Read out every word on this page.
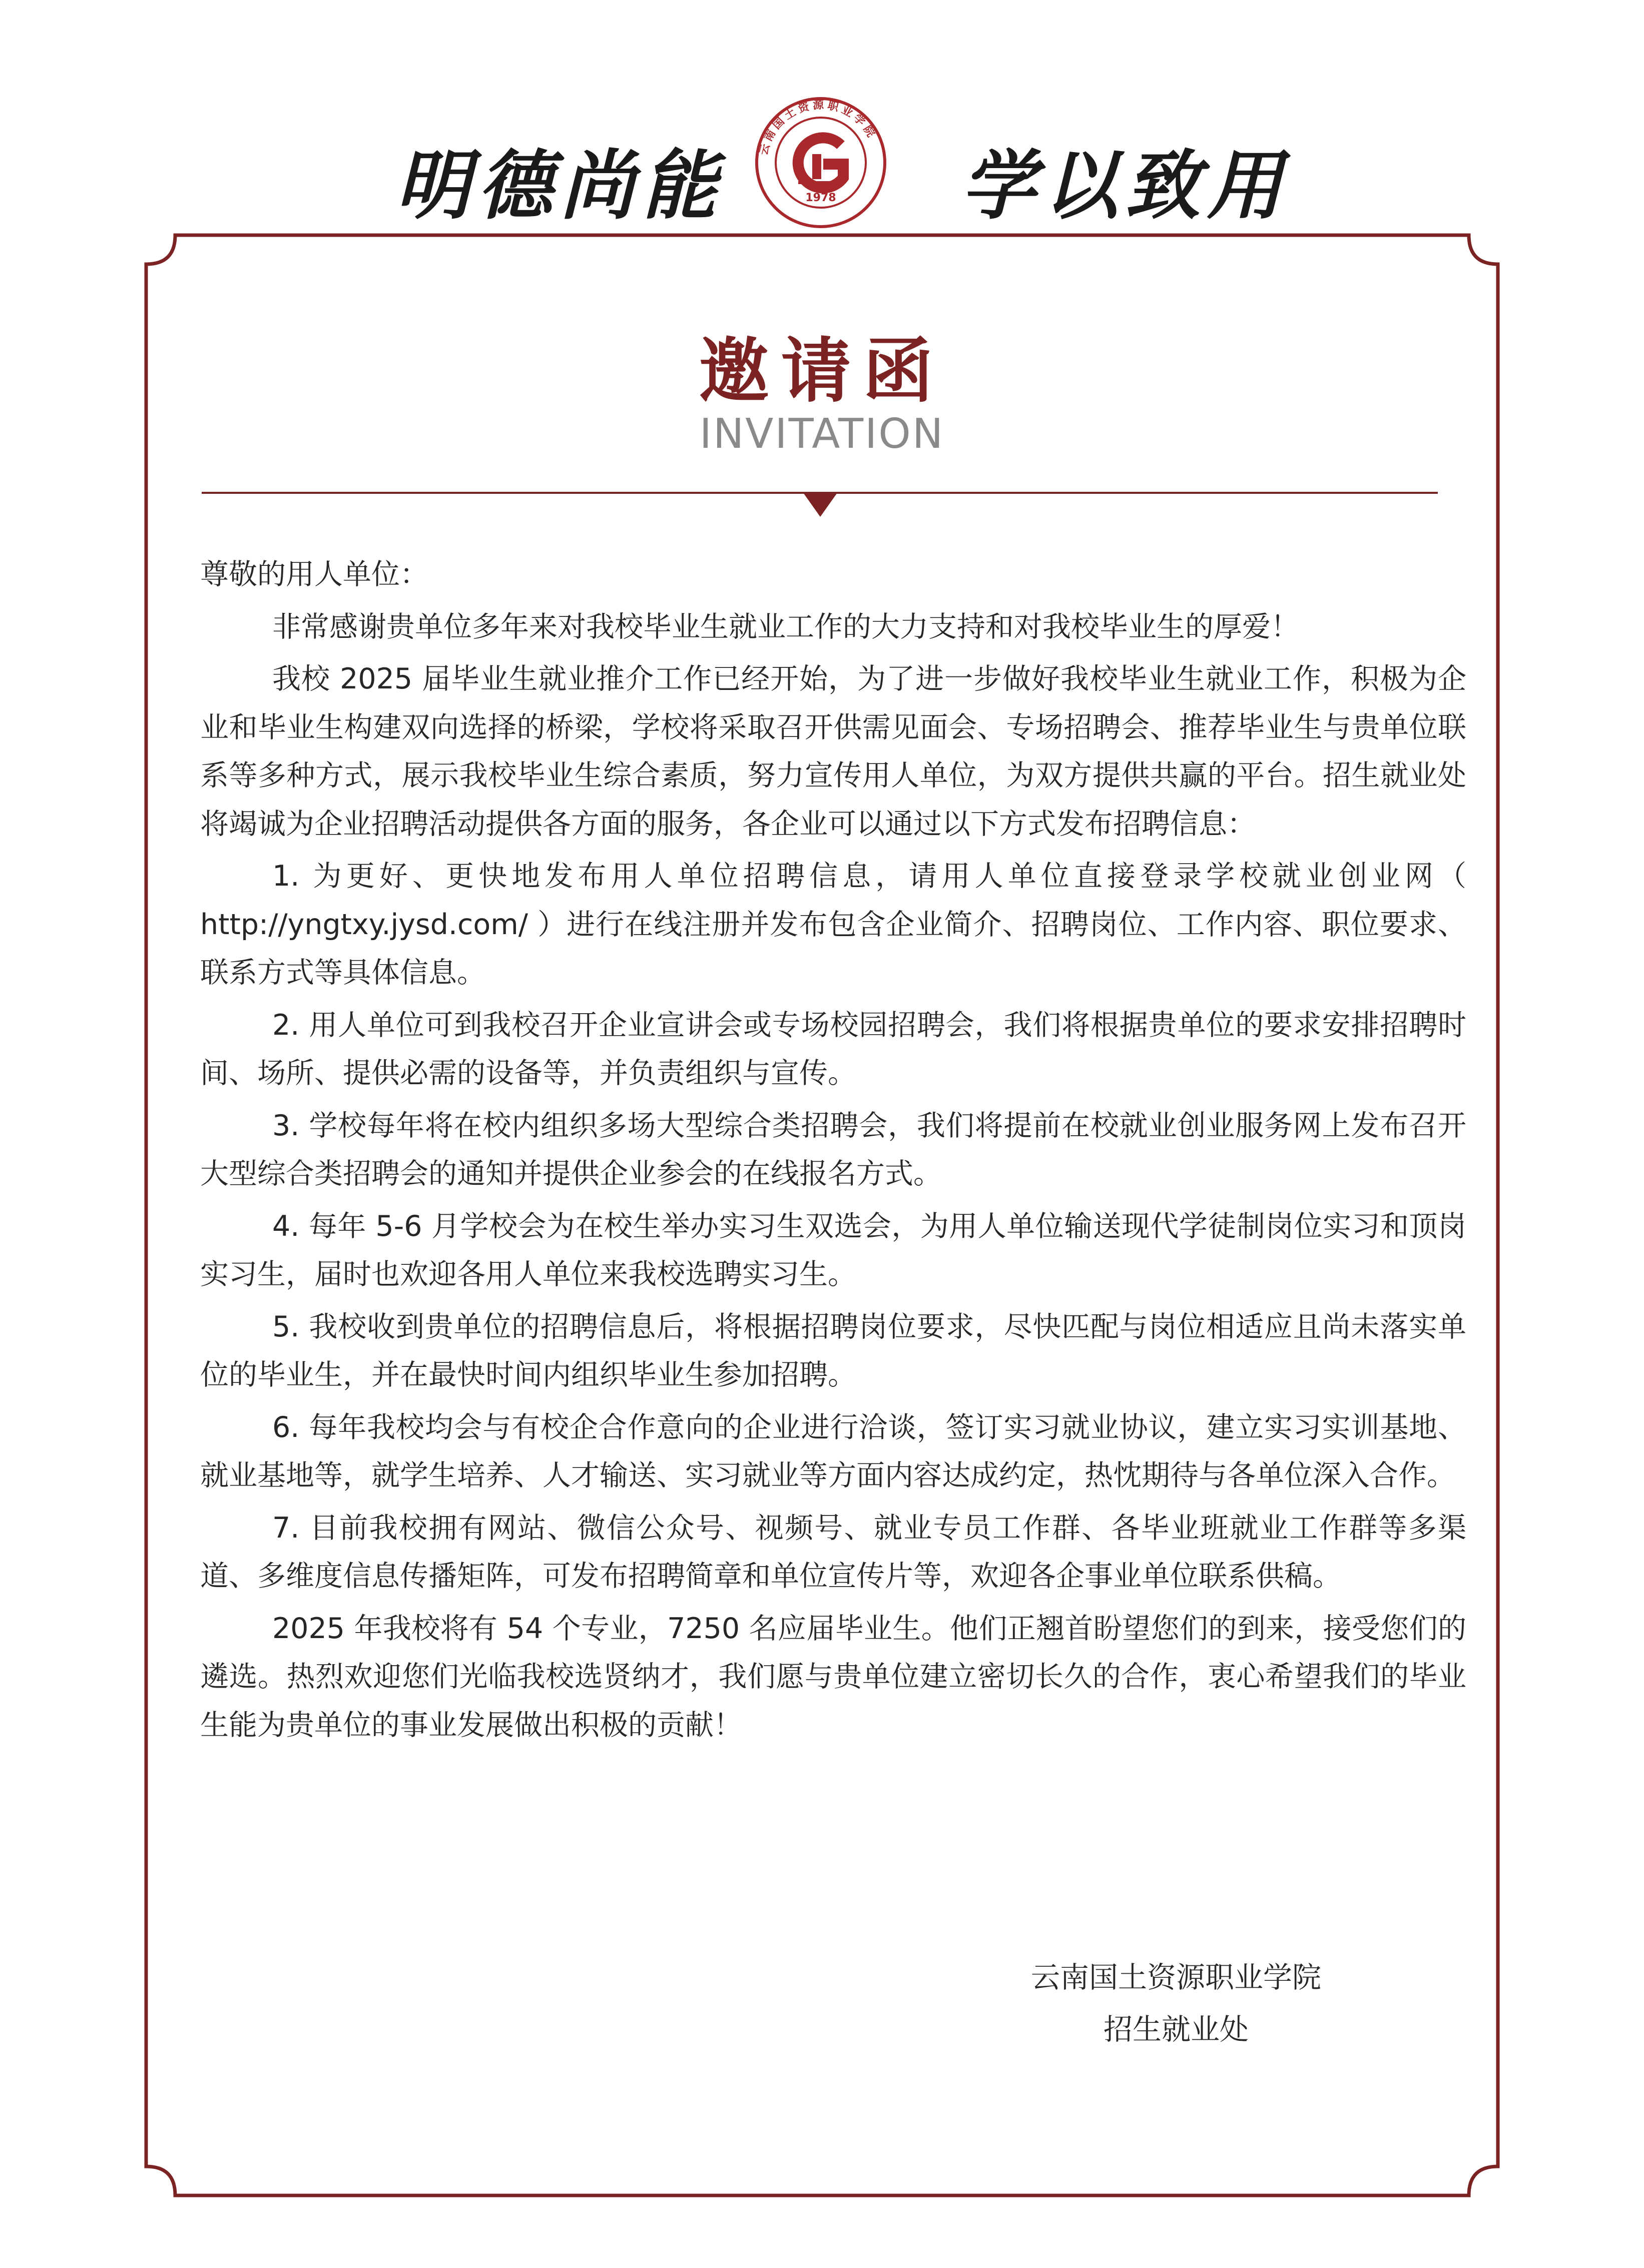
明德尚能	云南国土资源职业学院
1978 学以致用
邀请函
INVITATION

尊敬的用人单位：

非常感谢贵单位多年来对我校毕业生就业工作的大力支持和对我校毕业生的厚爱！

我校 2025 届毕业生就业推介工作已经开始，为了进一步做好我校毕业生就业工作，积极为企业和毕业生构建双向选择的桥梁，学校将采取召开供需见面会、专场招聘会、推荐毕业生与贵单位联系等多种方式，展示我校毕业生综合素质，努力宣传用人单位，为双方提供共赢的平台。招生就业处将竭诚为企业招聘活动提供各方面的服务，各企业可以通过以下方式发布招聘信息：

1. 为更好、更快地发布用人单位招聘信息，请用人单位直接登录学校就业创业网（ http://yngtxy.jysd.com/ ）进行在线注册并发布包含企业简介、招聘岗位、工作内容、职位要求、联系方式等具体信息。

2. 用人单位可到我校召开企业宣讲会或专场校园招聘会，我们将根据贵单位的要求安排招聘时间、场所、提供必需的设备等，并负责组织与宣传。

3. 学校每年将在校内组织多场大型综合类招聘会，我们将提前在校就业创业服务网上发布召开大型综合类招聘会的通知并提供企业参会的在线报名方式。

4. 每年 5-6 月学校会为在校生举办实习生双选会，为用人单位输送现代学徒制岗位实习和顶岗实习生，届时也欢迎各用人单位来我校选聘实习生。

5. 我校收到贵单位的招聘信息后，将根据招聘岗位要求，尽快匹配与岗位相适应且尚未落实单位的毕业生，并在最快时间内组织毕业生参加招聘。

6. 每年我校均会与有校企合作意向的企业进行洽谈，签订实习就业协议，建立实习实训基地、就业基地等，就学生培养、人才输送、实习就业等方面内容达成约定，热忱期待与各单位深入合作。

7. 目前我校拥有网站、微信公众号、视频号、就业专员工作群、各毕业班就业工作群等多渠道、多维度信息传播矩阵，可发布招聘简章和单位宣传片等，欢迎各企事业单位联系供稿。

2025 年我校将有 54 个专业，7250 名应届毕业生。他们正翘首盼望您们的到来，接受您们的遴选。热烈欢迎您们光临我校选贤纳才，我们愿与贵单位建立密切长久的合作，衷心希望我们的毕业生能为贵单位的事业发展做出积极的贡献！

云南国土资源职业学院
招生就业处
